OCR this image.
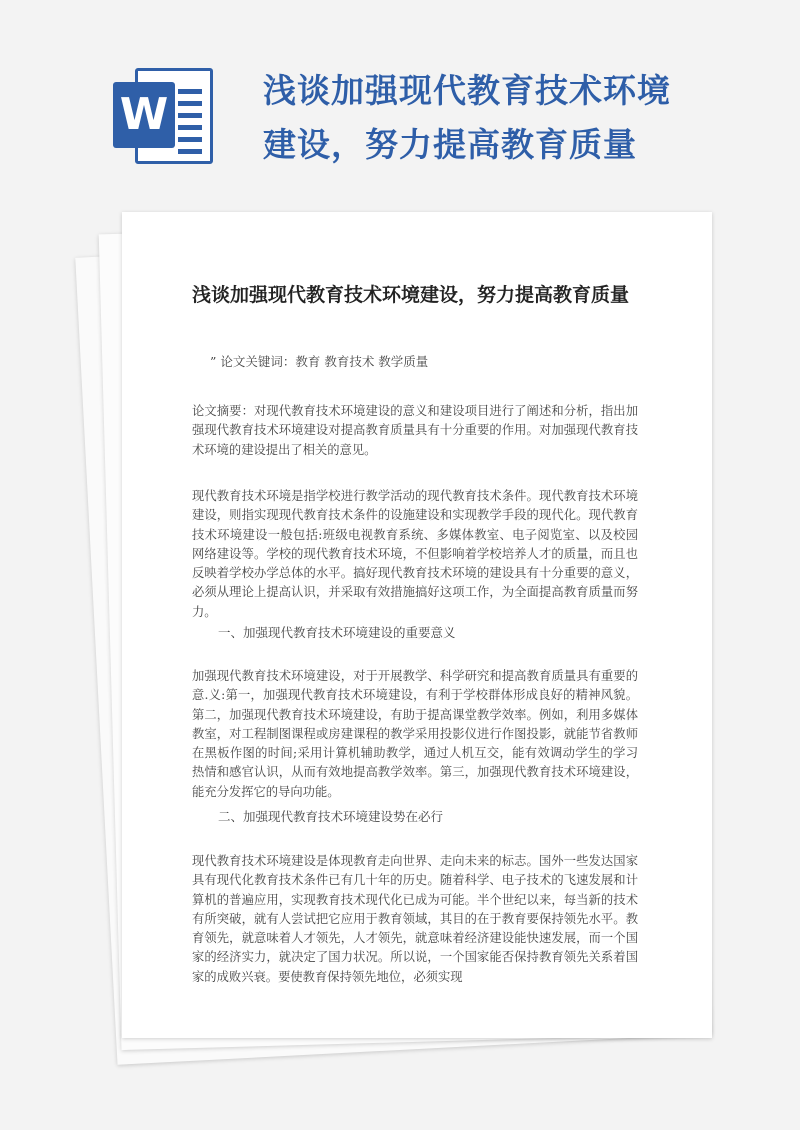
W	浅谈加强现代教育技术环境建设，努力提高教育质量
浅谈加强现代教育技术环境建设，努力提高教育质量
” 论文关键词：教育 教育技术 教学质量
论文摘要：对现代教育技术环境建设的意义和建设项目进行了阐述和分析，指出加强现代教育技术环境建设对提高教育质量具有十分重要的作用。对加强现代教育技术环境的建设提出了相关的意见。
现代教育技术环境是指学校进行教学活动的现代教育技术条件。现代教育技术环境建设，则指实现现代教育技术条件的设施建设和实现教学手段的现代化。现代教育技术环境建设一般包括:班级电视教育系统、多媒体教室、电子阅览室、以及校园网络建设等。学校的现代教育技术环境，不但影响着学校培养人才的质量，而且也反映着学校办学总体的水平。搞好现代教育技术环境的建设具有十分重要的意义，必须从理论上提高认识，并采取有效措施搞好这项工作，为全面提高教育质量而努力。
一、加强现代教育技术环境建设的重要意义
加强现代教育技术环境建设，对于开展教学、科学研究和提高教育质量具有重要的意.义:第一，加强现代教育技术环境建设，有利于学校群体形成良好的精神风貌。第二，加强现代教育技术环境建设，有助于提高课堂教学效率。例如，利用多媒体教室，对工程制图课程或房建课程的教学采用投影仪进行作图投影，就能节省教师在黑板作图的时间;采用计算机辅助教学，通过人机互交，能有效调动学生的学习热情和感官认识，从而有效地提高教学效率。第三，加强现代教育技术环境建设，能充分发挥它的导向功能。
二、加强现代教育技术环境建设势在必行
现代教育技术环境建设是体现教育走向世界、走向未来的标志。国外一些发达国家具有现代化教育技术条件已有几十年的历史。随着科学、电子技术的飞速发展和计算机的普遍应用，实现教育技术现代化已成为可能。半个世纪以来，每当新的技术有所突破，就有人尝试把它应用于教育领域，其目的在于教育要保持领先水平。教育领先，就意味着人才领先，人才领先，就意味着经济建设能快速发展，而一个国家的经济实力，就决定了国力状况。所以说，一个国家能否保持教育领先关系着国家的成败兴衰。要使教育保持领先地位，必须实现
